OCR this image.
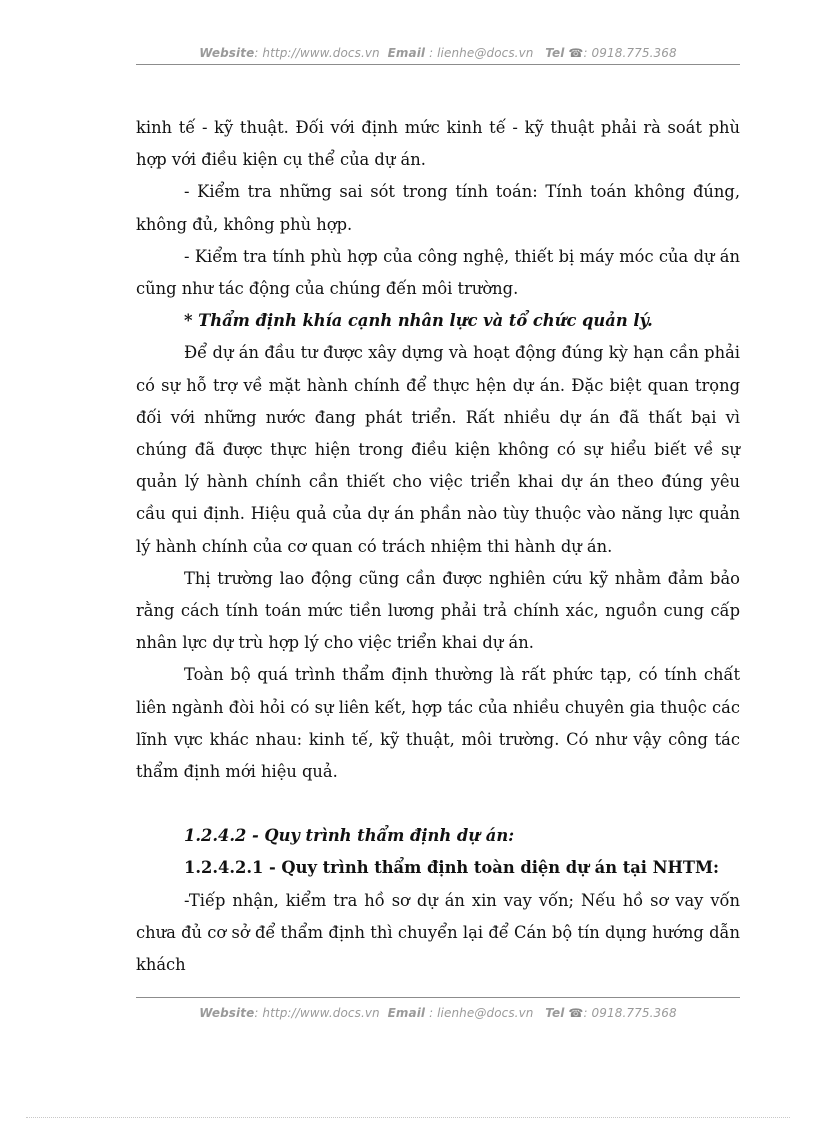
Website: http://www.docs.vn Email : lienhe@docs.vn Tel ☎: 0918.775.368

kinh tế - kỹ thuật. Đối với định mức kinh tế - kỹ thuật phải rà soát phù hợp với điều kiện cụ thể của dự án.

- Kiểm tra những sai sót trong tính toán: Tính toán không đúng, không đủ, không phù hợp.

- Kiểm tra tính phù hợp của công nghệ, thiết bị máy móc của dự án cũng như tác động của chúng đến môi trường.

* Thẩm định khía cạnh nhân lực và tổ chức quản lý.

Để dự án đầu tư được xây dựng và hoạt động đúng kỳ hạn cần phải có sự hỗ trợ về mặt hành chính để thực hện dự án. Đặc biệt quan trọng đối với những nước đang phát triển. Rất nhiều dự án đã thất bại vì chúng đã được thực hiện trong điều kiện không có sự hiểu biết về sự quản lý hành chính cần thiết cho việc triển khai dự án theo đúng yêu cầu qui định. Hiệu quả của dự án phần nào tùy thuộc vào năng lực quản lý hành chính của cơ quan có trách nhiệm thi hành dự án.

Thị trường lao động cũng cần được nghiên cứu kỹ nhằm đảm bảo rằng cách tính toán mức tiền lương phải trả chính xác, nguồn cung cấp nhân lực dự trù hợp lý cho việc triển khai dự án.

Toàn bộ quá trình thẩm định thường là rất phức tạp, có tính chất liên ngành đòi hỏi có sự liên kết, hợp tác của nhiều chuyên gia thuộc các lĩnh vực khác nhau: kinh tế, kỹ thuật, môi trường. Có như vậy công tác thẩm định mới hiệu quả.

1.2.4.2 - Quy trình thẩm định dự án:

1.2.4.2.1 - Quy trình thẩm định toàn diện dự án tại NHTM:

-Tiếp nhận, kiểm tra hồ sơ dự án xin vay vốn; Nếu hồ sơ vay vốn chưa đủ cơ sở để thẩm định thì chuyển lại để Cán bộ tín dụng hướng dẫn khách

Website: http://www.docs.vn Email : lienhe@docs.vn Tel ☎: 0918.775.368
